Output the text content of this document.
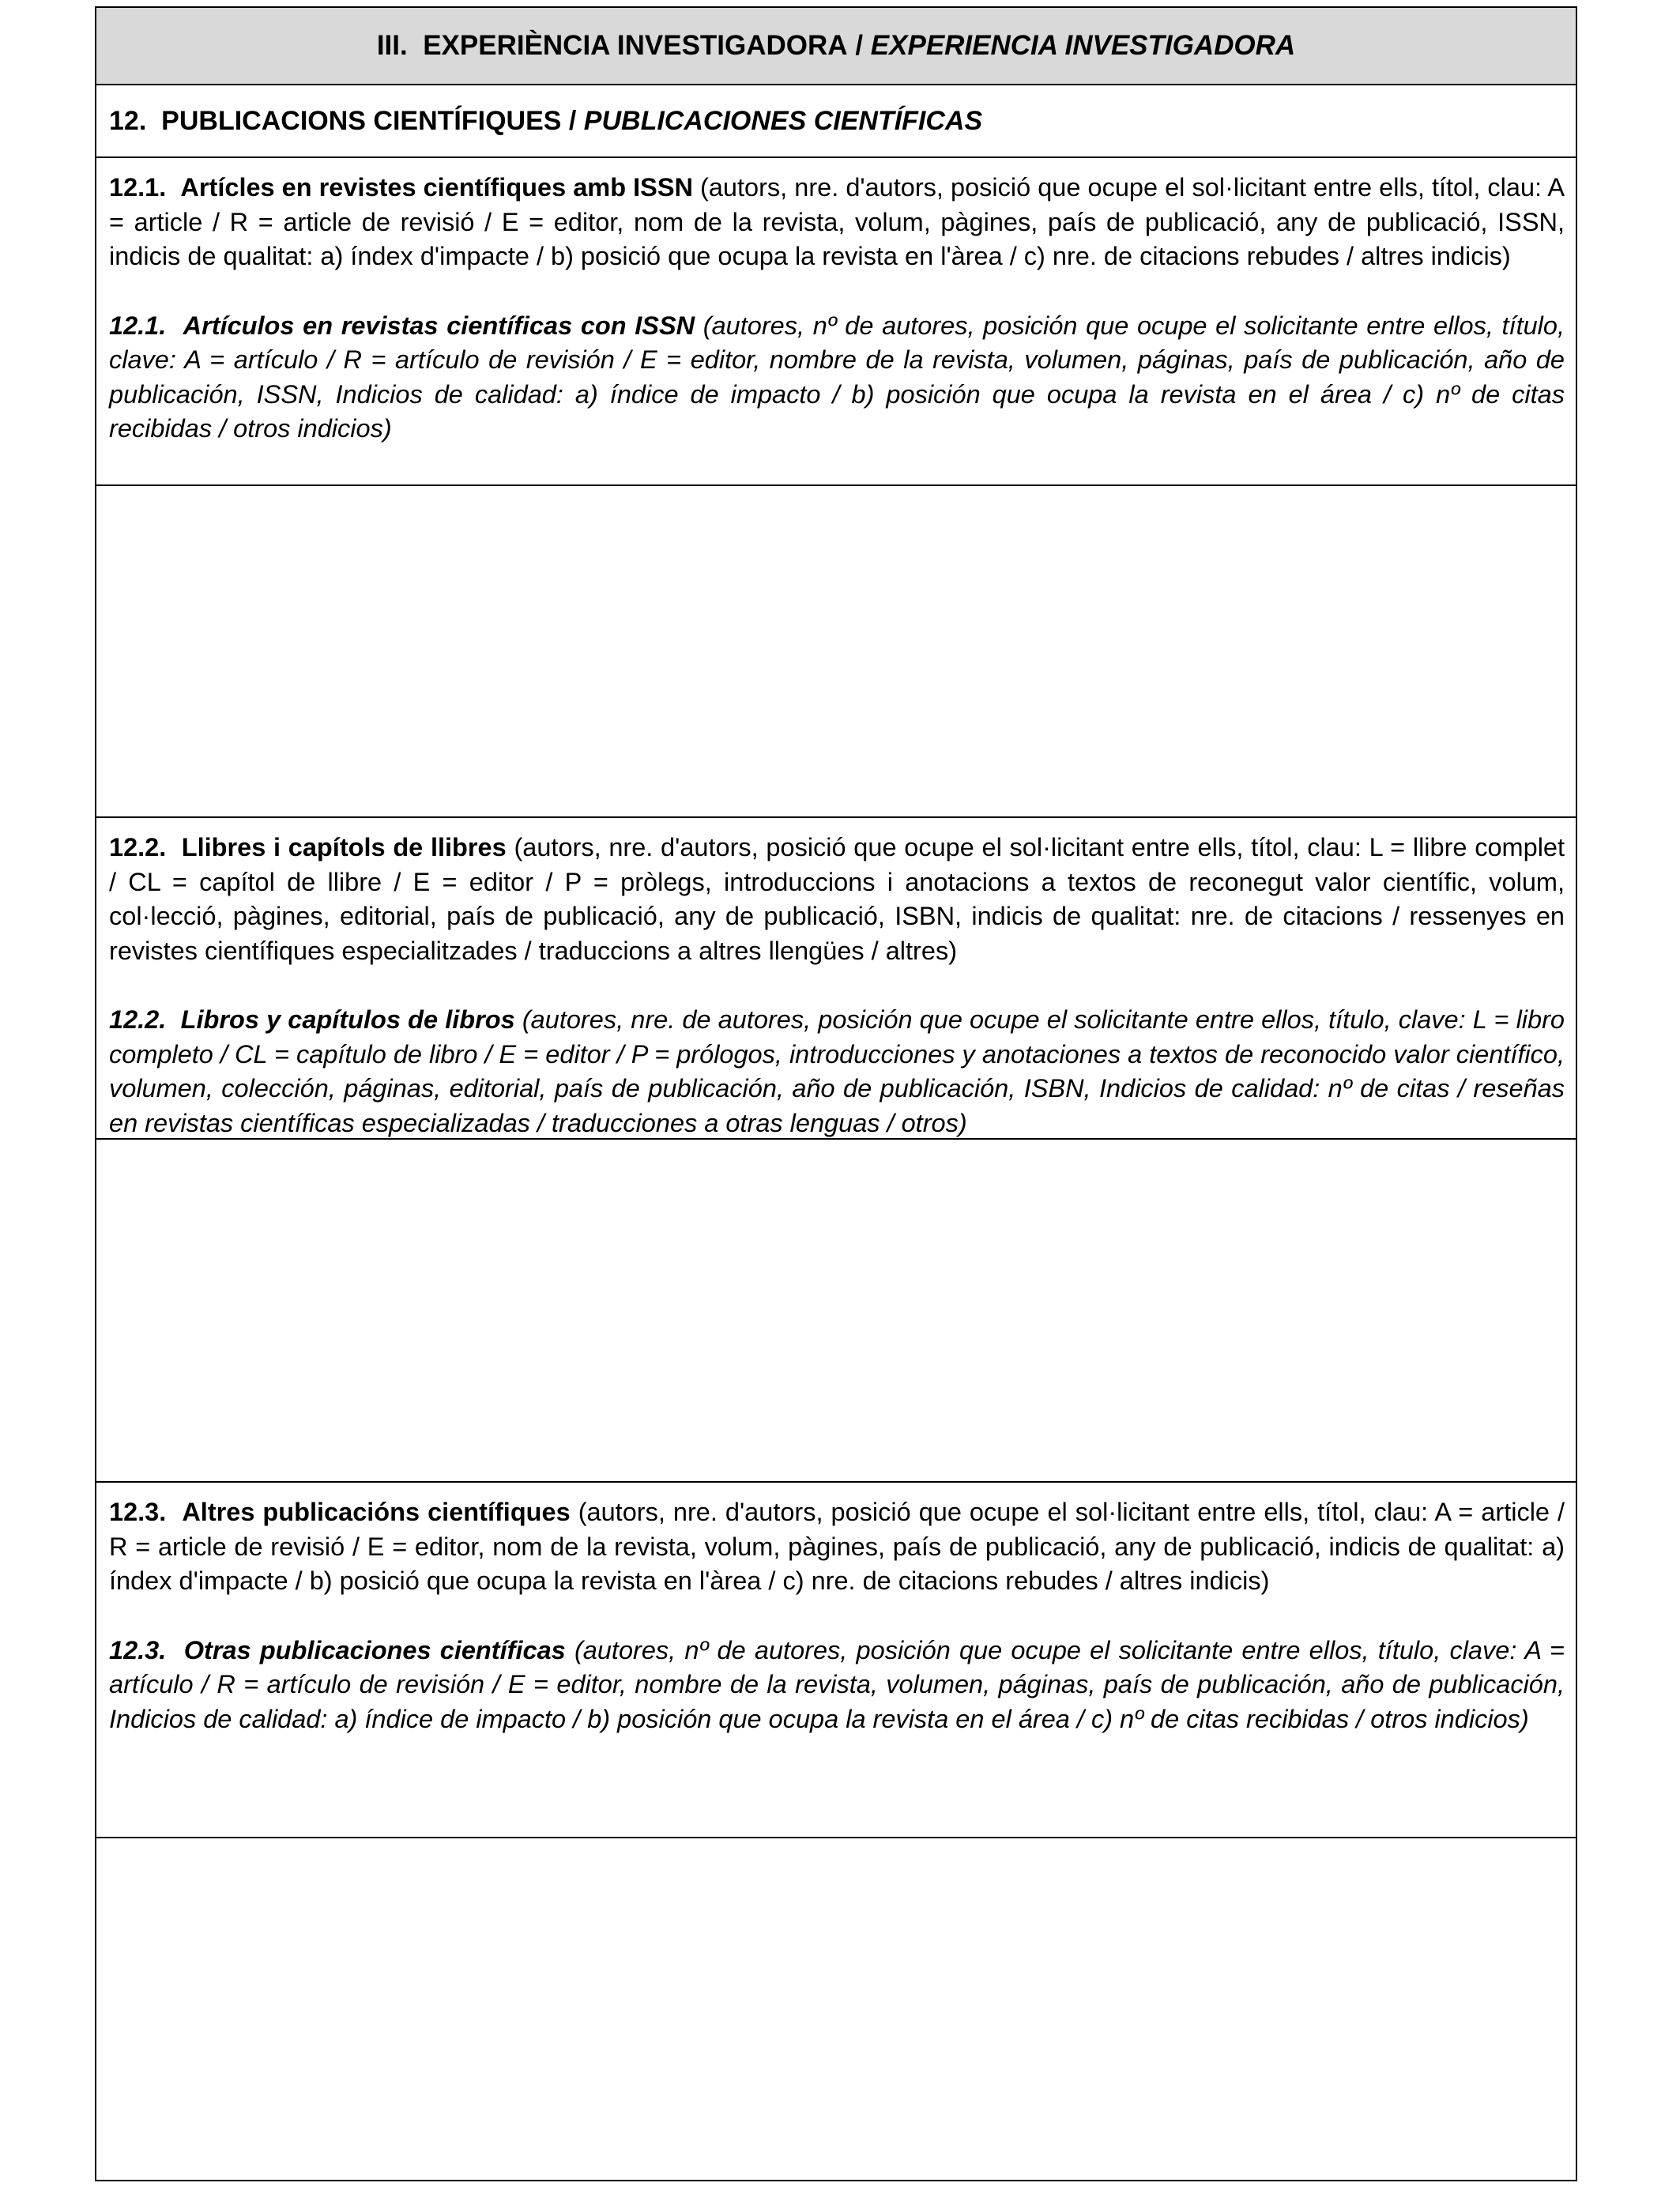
III.
EXPERIÈNCIA INVESTIGADORA
/
EXPERIENCIA INVESTIGADORA
12.
PUBLICACIONS CIENTÍFIQUES
/
PUBLICACIONES CIENTÍFICAS

12.1. Artícles en revistes científiques amb ISSN (autors, nre. d'autors, posició que ocupe el sol·licitant entre ells, títol, clau: A = article / R = article de revisió / E = editor, nom de la revista, volum, pàgines, país de publicació, any de publicació, ISSN, indicis de qualitat: a) índex d'impacte / b) posició que ocupa la revista en l'àrea / c) nre. de citacions rebudes / altres indicis)

12.1. Artículos en revistas científicas con ISSN (autores, nº de autores, posición que ocupe el solicitante entre ellos, título, clave: A = artículo / R = artículo de revisión / E = editor, nombre de la revista, volumen, páginas, país de publicación, año de publicación, ISSN, Indicios de calidad: a) índice de impacto / b) posición que ocupa la revista en el área / c) nº de citas recibidas / otros indicios)

12.2. Llibres i capítols de llibres (autors, nre. d'autors, posició que ocupe el sol·licitant entre ells, títol, clau: L = llibre complet / CL = capítol de llibre / E = editor / P = pròlegs, introduccions i anotacions a textos de reconegut valor científic, volum, col·lecció, pàgines, editorial, país de publicació, any de publicació, ISBN, indicis de qualitat: nre. de citacions / ressenyes en revistes científiques especialitzades / traduccions a altres llengües / altres)

12.2. Libros y capítulos de libros (autores, nre. de autores, posición que ocupe el solicitante entre ellos, título, clave: L = libro completo / CL = capítulo de libro / E = editor / P = prólogos, introducciones y anotaciones a textos de reconocido valor científico, volumen, colección, páginas, editorial, país de publicación, año de publicación, ISBN, Indicios de calidad: nº de citas / reseñas en revistas científicas especializadas / traducciones a otras lenguas / otros)

12.3. Altres publicacións científiques (autors, nre. d'autors, posició que ocupe el sol·licitant entre ells, títol, clau: A = article / R = article de revisió / E = editor, nom de la revista, volum, pàgines, país de publicació, any de publicació, indicis de qualitat: a) índex d'impacte / b) posició que ocupa la revista en l'àrea / c) nre. de citacions rebudes / altres indicis)

12.3. Otras publicaciones científicas (autores, nº de autores, posición que ocupe el solicitante entre ellos, título, clave: A = artículo / R = artículo de revisión / E = editor, nombre de la revista, volumen, páginas, país de publicación, año de publicación, Indicios de calidad: a) índice de impacto / b) posición que ocupa la revista en el área / c) nº de citas recibidas / otros indicios)
